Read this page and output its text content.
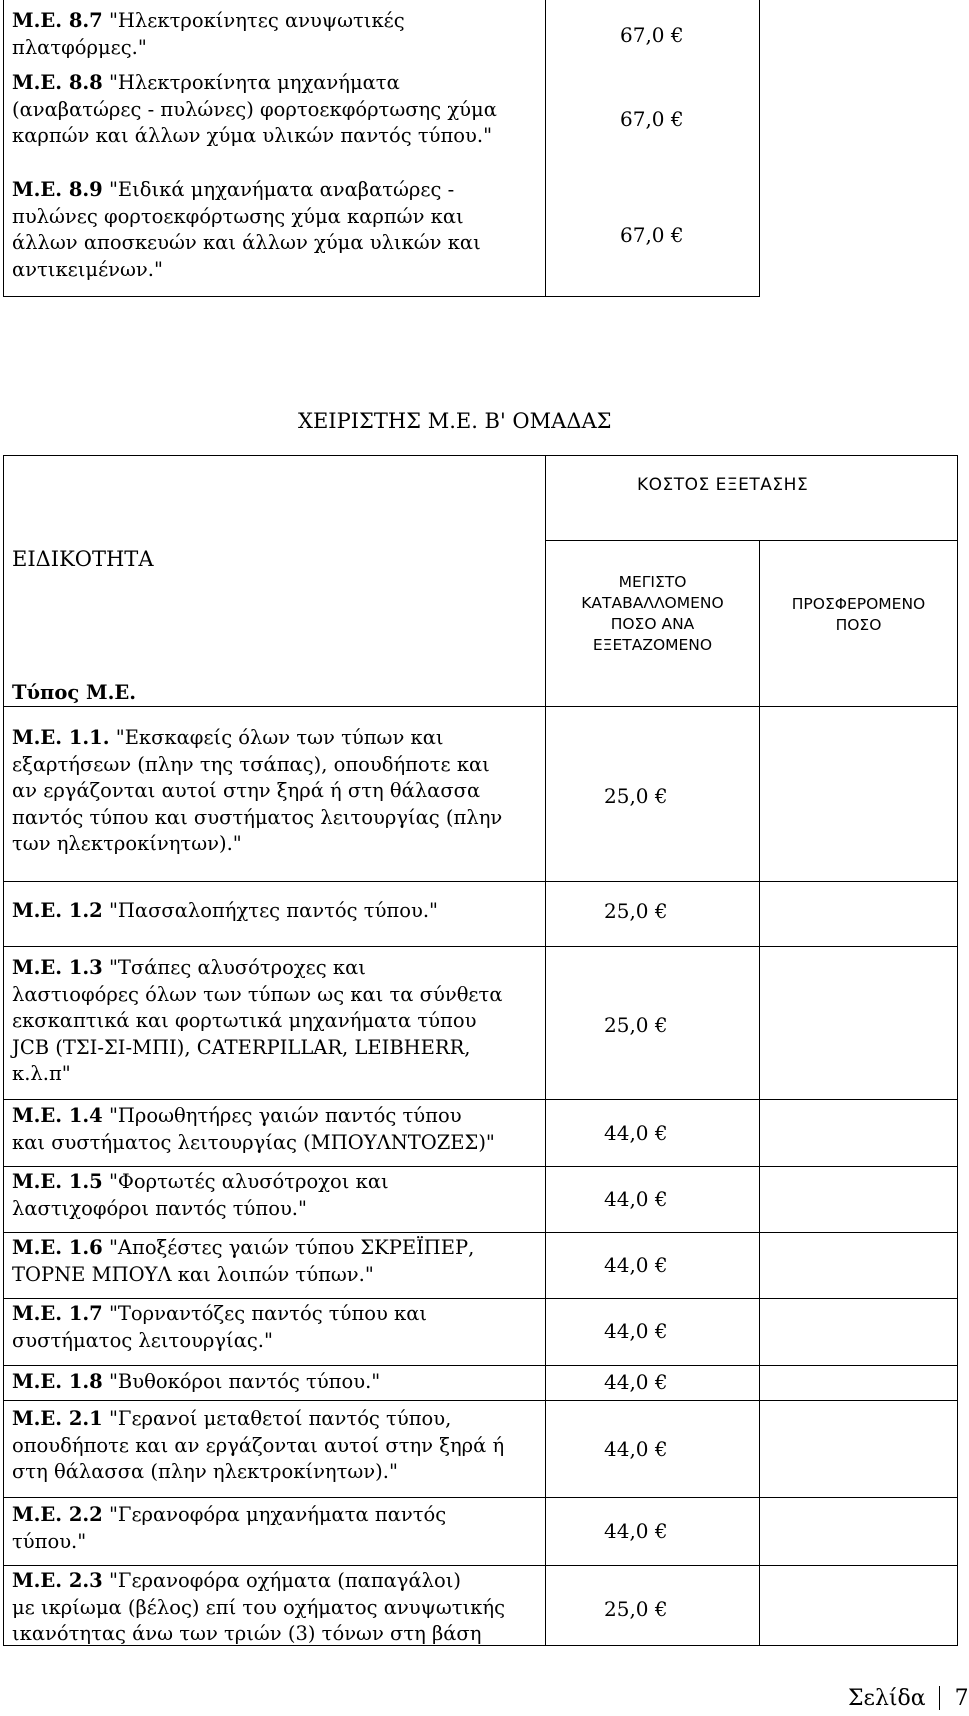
Μ.Ε. 8.7 "Ηλεκτροκίνητες ανυψωτικές
πλατφόρμες."	67,0 €
Μ.Ε. 8.8 "Ηλεκτροκίνητα μηχανήματα
(αναβατώρες - πυλώνες) φορτοεκφόρτωσης χύμα
καρπών και άλλων χύμα υλικών παντός τύπου."
67,0 €
Μ.Ε. 8.9 "Ειδικά μηχανήματα αναβατώρες -
πυλώνες φορτοεκφόρτωσης χύμα καρπών και
άλλων αποσκευών και άλλων χύμα υλικών και
αντικειμένων."
67,0 €
ΧΕΙΡΙΣΤΗΣ Μ.Ε. Β' ΟΜΑΔΑΣ
ΚΟΣΤΟΣ ΕΞΕΤΑΣΗΣ
ΕΙΔΙΚΟΤΗΤΑ
ΜΕΓΙΣΤΟ
ΚΑΤΑΒΑΛΛΟΜΕΝΟ
ΠΟΣΟ ΑΝΑ
ΕΞΕΤΑΖΟΜΕΝΟ
ΠΡΟΣΦΕΡΟΜΕΝΟ
ΠΟΣΟ
Τύπος Μ.Ε.
Μ.Ε. 1.1. "Εκσκαφείς όλων των τύπων και
εξαρτήσεων (πλην της τσάπας), οπουδήποτε και
αν εργάζονται αυτοί στην ξηρά ή στη θάλασσα
παντός τύπου και συστήματος λειτουργίας (πλην
των ηλεκτροκίνητων)."
25,0 €
Μ.Ε. 1.2 "Πασσαλοπήχτες παντός τύπου."	25,0 €
Μ.Ε. 1.3 "Τσάπες αλυσότροχες και
λαστιοφόρες όλων των τύπων ως και τα σύνθετα
εκσκαπτικά και φορτωτικά μηχανήματα τύπου
JCB (ΤΣΙ-ΣΙ-ΜΠΙ), CATERPILLAR, LEIBHERR,
κ.λ.π"
25,0 €
Μ.Ε. 1.4 "Προωθητήρες γαιών παντός τύπου
και συστήματος λειτουργίας (ΜΠΟΥΛΝΤΟΖΕΣ)"	44,0 €
Μ.Ε. 1.5 "Φορτωτές αλυσότροχοι και
λαστιχοφόροι παντός τύπου."	44,0 €
Μ.Ε. 1.6 "Αποξέστες γαιών τύπου ΣΚΡΕΪΠΕΡ,
ΤΟΡΝΕ ΜΠΟΥΛ και λοιπών τύπων."	44,0 €
Μ.Ε. 1.7 "Τορναντόζες παντός τύπου και
συστήματος λειτουργίας."	44,0 €
Μ.Ε. 1.8 "Βυθοκόροι παντός τύπου."	44,0 €
Μ.Ε. 2.1 "Γερανοί μεταθετοί παντός τύπου,
οπουδήποτε και αν εργάζονται αυτοί στην ξηρά ή
στη θάλασσα (πλην ηλεκτροκίνητων)."
44,0 €
Μ.Ε. 2.2 "Γερανοφόρα μηχανήματα παντός
τύπου."	44,0 €
Μ.Ε. 2.3 "Γερανοφόρα οχήματα (παπαγάλοι)
με ικρίωμα (βέλος) επί του οχήματος ανυψωτικής
ικανότητας άνω των τριών (3) τόνων στη βάση
25,0 €
Σελίδα 7
